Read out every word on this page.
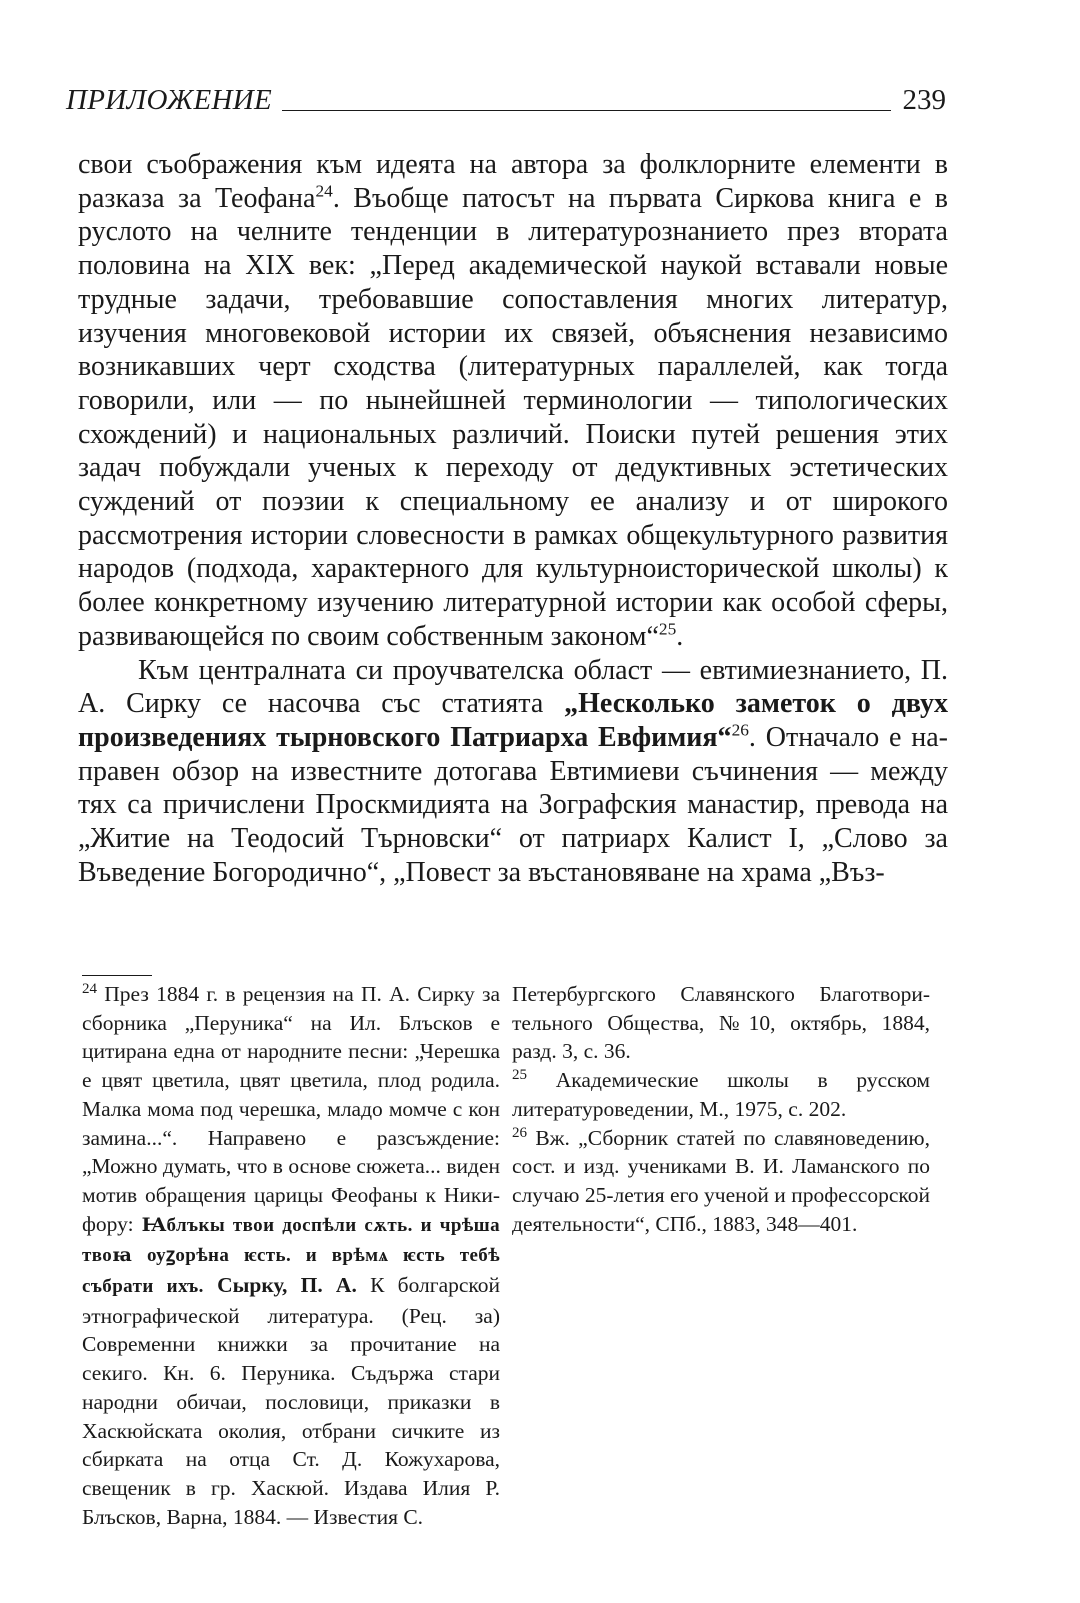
ПРИЛОЖЕНИЕ	239

свои съображения към идеята на автора за фолклорните елементи в разказа за Теофана$^{24}$. Въобще патосът на първата Сиркова книга е в руслото на челните тенденции в литературознанието през втората половина на XIX век: „Перед академической наукой вставали новые трудные задачи, требовавшие сопоставления многих литератур, изучения многовековой истории их связей, объяснения независимо возникавших черт сходства (литературных параллелей, как тогда говорили, или — по нынейшней терминологии — типологических схождений) и национальных различий. Поиски путей решения этих задач побуждали ученых к переходу от дедуктивных эстетических суждений от поэзии к специальному ее анализу и от широкого рассмотрения истории словесности в рамках общекультурного развития народов (подхода, характерного для культурноисторической школы) к более конкретному изучению литературной истории как особой сферы, развивающейся по своим собственным законом“$^{25}$.

Към централната си проучвателска област — евтимиезнанието, П. А. Сирку се насочва със статията „Несколько заметок о двух произведениях тырновского Патриарха Евфимия“$^{26}$. Отначало е направен обзор на известните дотогава Евтимиеви съчинения — между тях са причислени Проскмидията на Зографския манастир, превода на „Житие на Теодосий Търновски“ от патриарх Калист I, „Слово за Въведение Богородично“, „Повест за въстановяване на храма „Въз-

$^{24}$ През 1884 г. в рецензия на П. А. Сирку за сборника „Перуника“ на Ил. Блъсков е цитирана една от народните песни: „Черешка е цвят цветила, цвят цветила, плод родила. Малка мома под черешка, младо момче с кон замина...“. Направено е разсъждение: „Можно думать, что в основе сюжета... виден мотив обращения царицы Феофаны к Никифору: Ꙗблъкы твои доспѣли сѫть. и чрѣша твоꙗ оуꙁорѣна ѥсть. и врѣмѧ ѥсть тебѣ събрати ихъ. Сырку, П. А. К болгарской этнографической литература. (Рец. за) Современни книжки за прочитание на секиго. Кн. 6. Перуника. Съдържа стари народни обичаи, пословици, приказки в Хаскюйската околия, отбрани сичките из сбирката на отца Ст. Д. Кожухарова, свещеник в гр. Хаскюй. Издава Илия Р. Блъсков, Варна, 1884. — Известия С.

Петербургского Славянского Благотворительного Общества, №10, октябрь, 1884, разд. 3, с. 36.

$^{25}$ Академические школы в русском литературоведении, М., 1975, с. 202.

$^{26}$ Вж. „Сборник статей по славяноведению, сост. и изд. учениками В. И. Ламанского по случаю 25-летия его ученой и профессорской деятельности“, СПб., 1883, 348—401.
